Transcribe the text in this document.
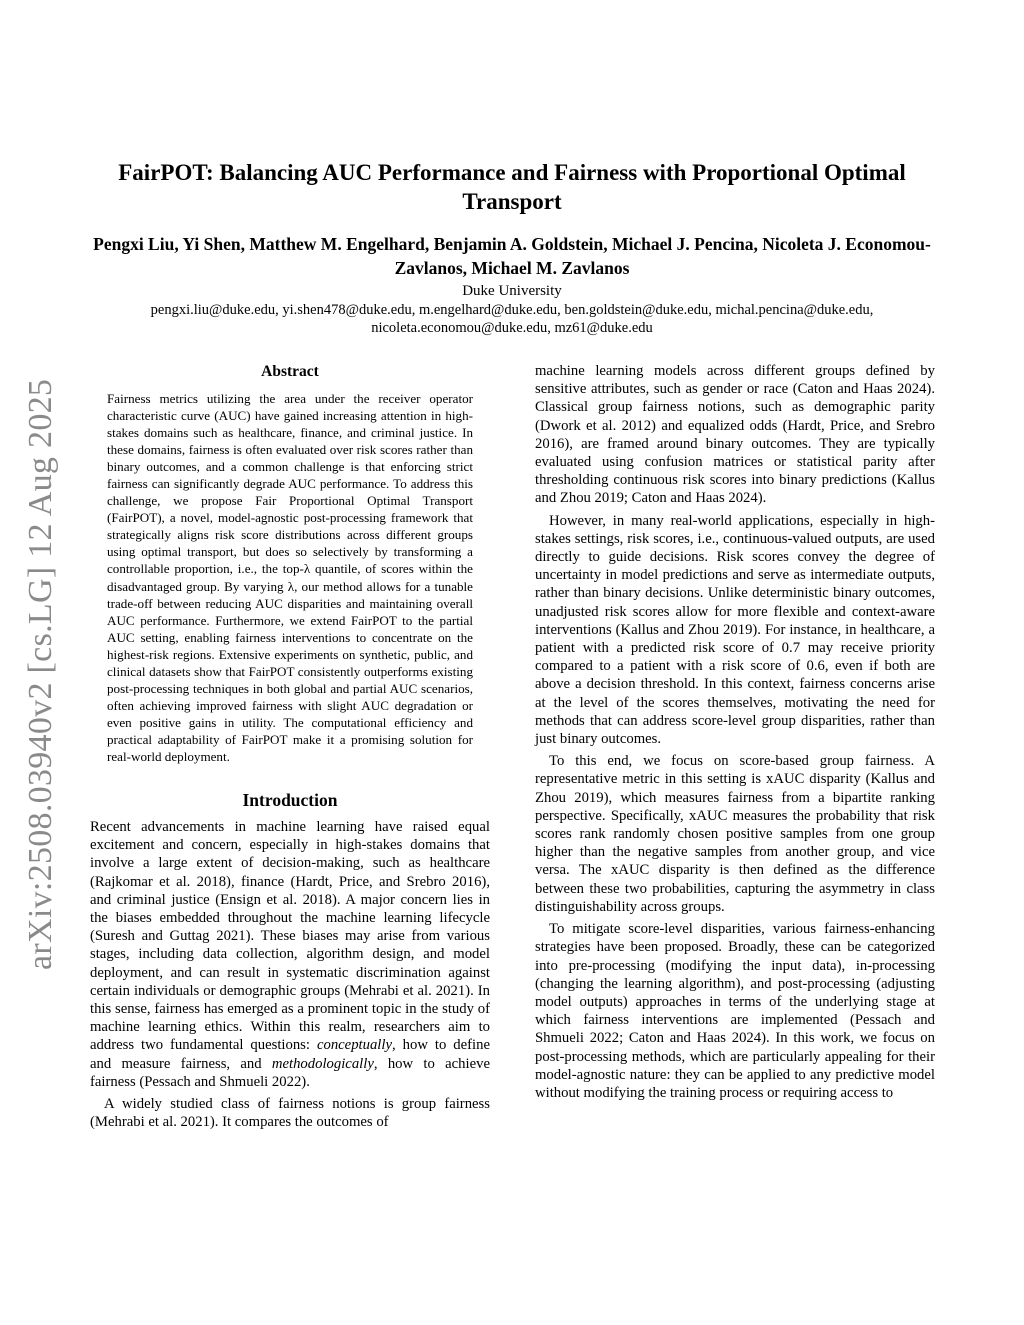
arXiv:2508.03940v2 [cs.LG] 12 Aug 2025
FairPOT: Balancing AUC Performance and Fairness with Proportional Optimal Transport
Pengxi Liu, Yi Shen, Matthew M. Engelhard, Benjamin A. Goldstein, Michael J. Pencina, Nicoleta J. Economou-Zavlanos, Michael M. Zavlanos
Duke University
pengxi.liu@duke.edu, yi.shen478@duke.edu, m.engelhard@duke.edu, ben.goldstein@duke.edu, michal.pencina@duke.edu, nicoleta.economou@duke.edu, mz61@duke.edu
Abstract
Fairness metrics utilizing the area under the receiver operator characteristic curve (AUC) have gained increasing attention in high-stakes domains such as healthcare, finance, and criminal justice. In these domains, fairness is often evaluated over risk scores rather than binary outcomes, and a common challenge is that enforcing strict fairness can significantly degrade AUC performance. To address this challenge, we propose Fair Proportional Optimal Transport (FairPOT), a novel, model-agnostic post-processing framework that strategically aligns risk score distributions across different groups using optimal transport, but does so selectively by transforming a controllable proportion, i.e., the top-λ quantile, of scores within the disadvantaged group. By varying λ, our method allows for a tunable trade-off between reducing AUC disparities and maintaining overall AUC performance. Furthermore, we extend FairPOT to the partial AUC setting, enabling fairness interventions to concentrate on the highest-risk regions. Extensive experiments on synthetic, public, and clinical datasets show that FairPOT consistently outperforms existing post-processing techniques in both global and partial AUC scenarios, often achieving improved fairness with slight AUC degradation or even positive gains in utility. The computational efficiency and practical adaptability of FairPOT make it a promising solution for real-world deployment.
Introduction

Recent advancements in machine learning have raised equal excitement and concern, especially in high-stakes domains that involve a large extent of decision-making, such as healthcare (Rajkomar et al. 2018), finance (Hardt, Price, and Srebro 2016), and criminal justice (Ensign et al. 2018). A major concern lies in the biases embedded throughout the machine learning lifecycle (Suresh and Guttag 2021). These biases may arise from various stages, including data collection, algorithm design, and model deployment, and can result in systematic discrimination against certain individuals or demographic groups (Mehrabi et al. 2021). In this sense, fairness has emerged as a prominent topic in the study of machine learning ethics. Within this realm, researchers aim to address two fundamental questions: conceptually, how to define and measure fairness, and methodologically, how to achieve fairness (Pessach and Shmueli 2022).

A widely studied class of fairness notions is group fairness (Mehrabi et al. 2021). It compares the outcomes of

machine learning models across different groups defined by sensitive attributes, such as gender or race (Caton and Haas 2024). Classical group fairness notions, such as demographic parity (Dwork et al. 2012) and equalized odds (Hardt, Price, and Srebro 2016), are framed around binary outcomes. They are typically evaluated using confusion matrices or statistical parity after thresholding continuous risk scores into binary predictions (Kallus and Zhou 2019; Caton and Haas 2024).

However, in many real-world applications, especially in high-stakes settings, risk scores, i.e., continuous-valued outputs, are used directly to guide decisions. Risk scores convey the degree of uncertainty in model predictions and serve as intermediate outputs, rather than binary decisions. Unlike deterministic binary outcomes, unadjusted risk scores allow for more flexible and context-aware interventions (Kallus and Zhou 2019). For instance, in healthcare, a patient with a predicted risk score of 0.7 may receive priority compared to a patient with a risk score of 0.6, even if both are above a decision threshold. In this context, fairness concerns arise at the level of the scores themselves, motivating the need for methods that can address score-level group disparities, rather than just binary outcomes.

To this end, we focus on score-based group fairness. A representative metric in this setting is xAUC disparity (Kallus and Zhou 2019), which measures fairness from a bipartite ranking perspective. Specifically, xAUC measures the probability that risk scores rank randomly chosen positive samples from one group higher than the negative samples from another group, and vice versa. The xAUC disparity is then defined as the difference between these two probabilities, capturing the asymmetry in class distinguishability across groups.

To mitigate score-level disparities, various fairness-enhancing strategies have been proposed. Broadly, these can be categorized into pre-processing (modifying the input data), in-processing (changing the learning algorithm), and post-processing (adjusting model outputs) approaches in terms of the underlying stage at which fairness interventions are implemented (Pessach and Shmueli 2022; Caton and Haas 2024). In this work, we focus on post-processing methods, which are particularly appealing for their model-agnostic nature: they can be applied to any predictive model without modifying the training process or requiring access to
